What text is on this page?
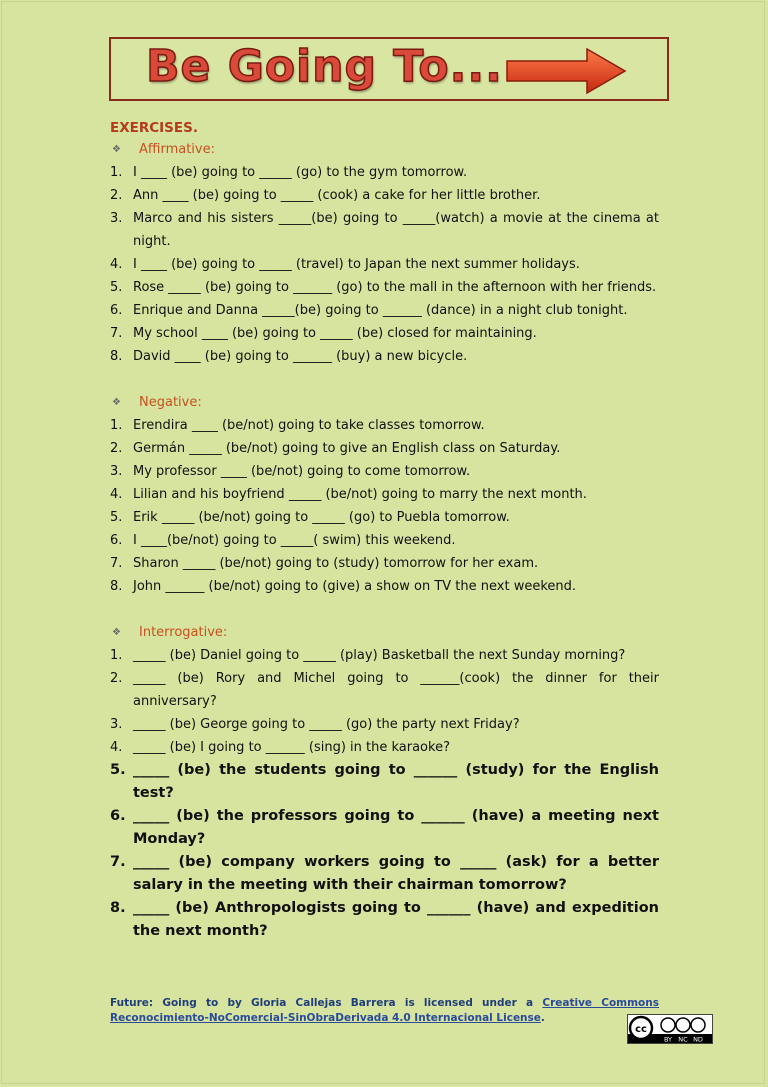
Be Going To...
EXERCISES.
❖	Affirmative:
1. I ____ (be) going to _____ (go) to the gym tomorrow.
2. Ann ____ (be) going to _____ (cook) a cake for her little brother.
3. Marco and his sisters _____(be) going to _____(watch) a movie at the cinema at night.
4. I ____ (be) going to _____ (travel) to Japan the next summer holidays.
5. Rose _____ (be) going to ______ (go) to the mall in the afternoon with her friends.
6. Enrique and Danna _____(be) going to ______ (dance) in a night club tonight.
7. My school ____ (be) going to _____ (be) closed for maintaining.
8. David ____ (be) going to ______ (buy) a new bicycle.
❖	Negative:
1. Erendira ____ (be/not) going to take classes tomorrow.
2. Germán _____ (be/not) going to give an English class on Saturday.
3. My professor ____ (be/not) going to come tomorrow.
4. Lilian and his boyfriend _____ (be/not) going to marry the next month.
5. Erik _____ (be/not) going to _____ (go) to Puebla tomorrow.
6. I ____(be/not) going to _____( swim) this weekend.
7. Sharon _____ (be/not) going to (study) tomorrow for her exam.
8. John ______ (be/not) going to (give) a show on TV the next weekend.
❖	Interrogative:
1. _____ (be) Daniel going to _____ (play) Basketball the next Sunday morning?
2. _____ (be) Rory and Michel going to ______(cook) the dinner for their anniversary?
3. _____ (be) George going to _____ (go) the party next Friday?
4. _____ (be) I going to ______ (sing) in the karaoke?
5. _____ (be) the students going to ______ (study) for the English test?
6. _____ (be) the professors going to ______ (have) a meeting next Monday?
7. _____ (be) company workers going to _____ (ask) for a better salary in the meeting with their chairman tomorrow?
8. _____ (be) Anthropologists going to ______ (have) and expedition the next month?
Future: Going to by Gloria Callejas Barrera is licensed under a Creative Commons Reconocimiento-NoComercial-SinObraDerivada 4.0 Internacional License.
cc
BY NC ND
